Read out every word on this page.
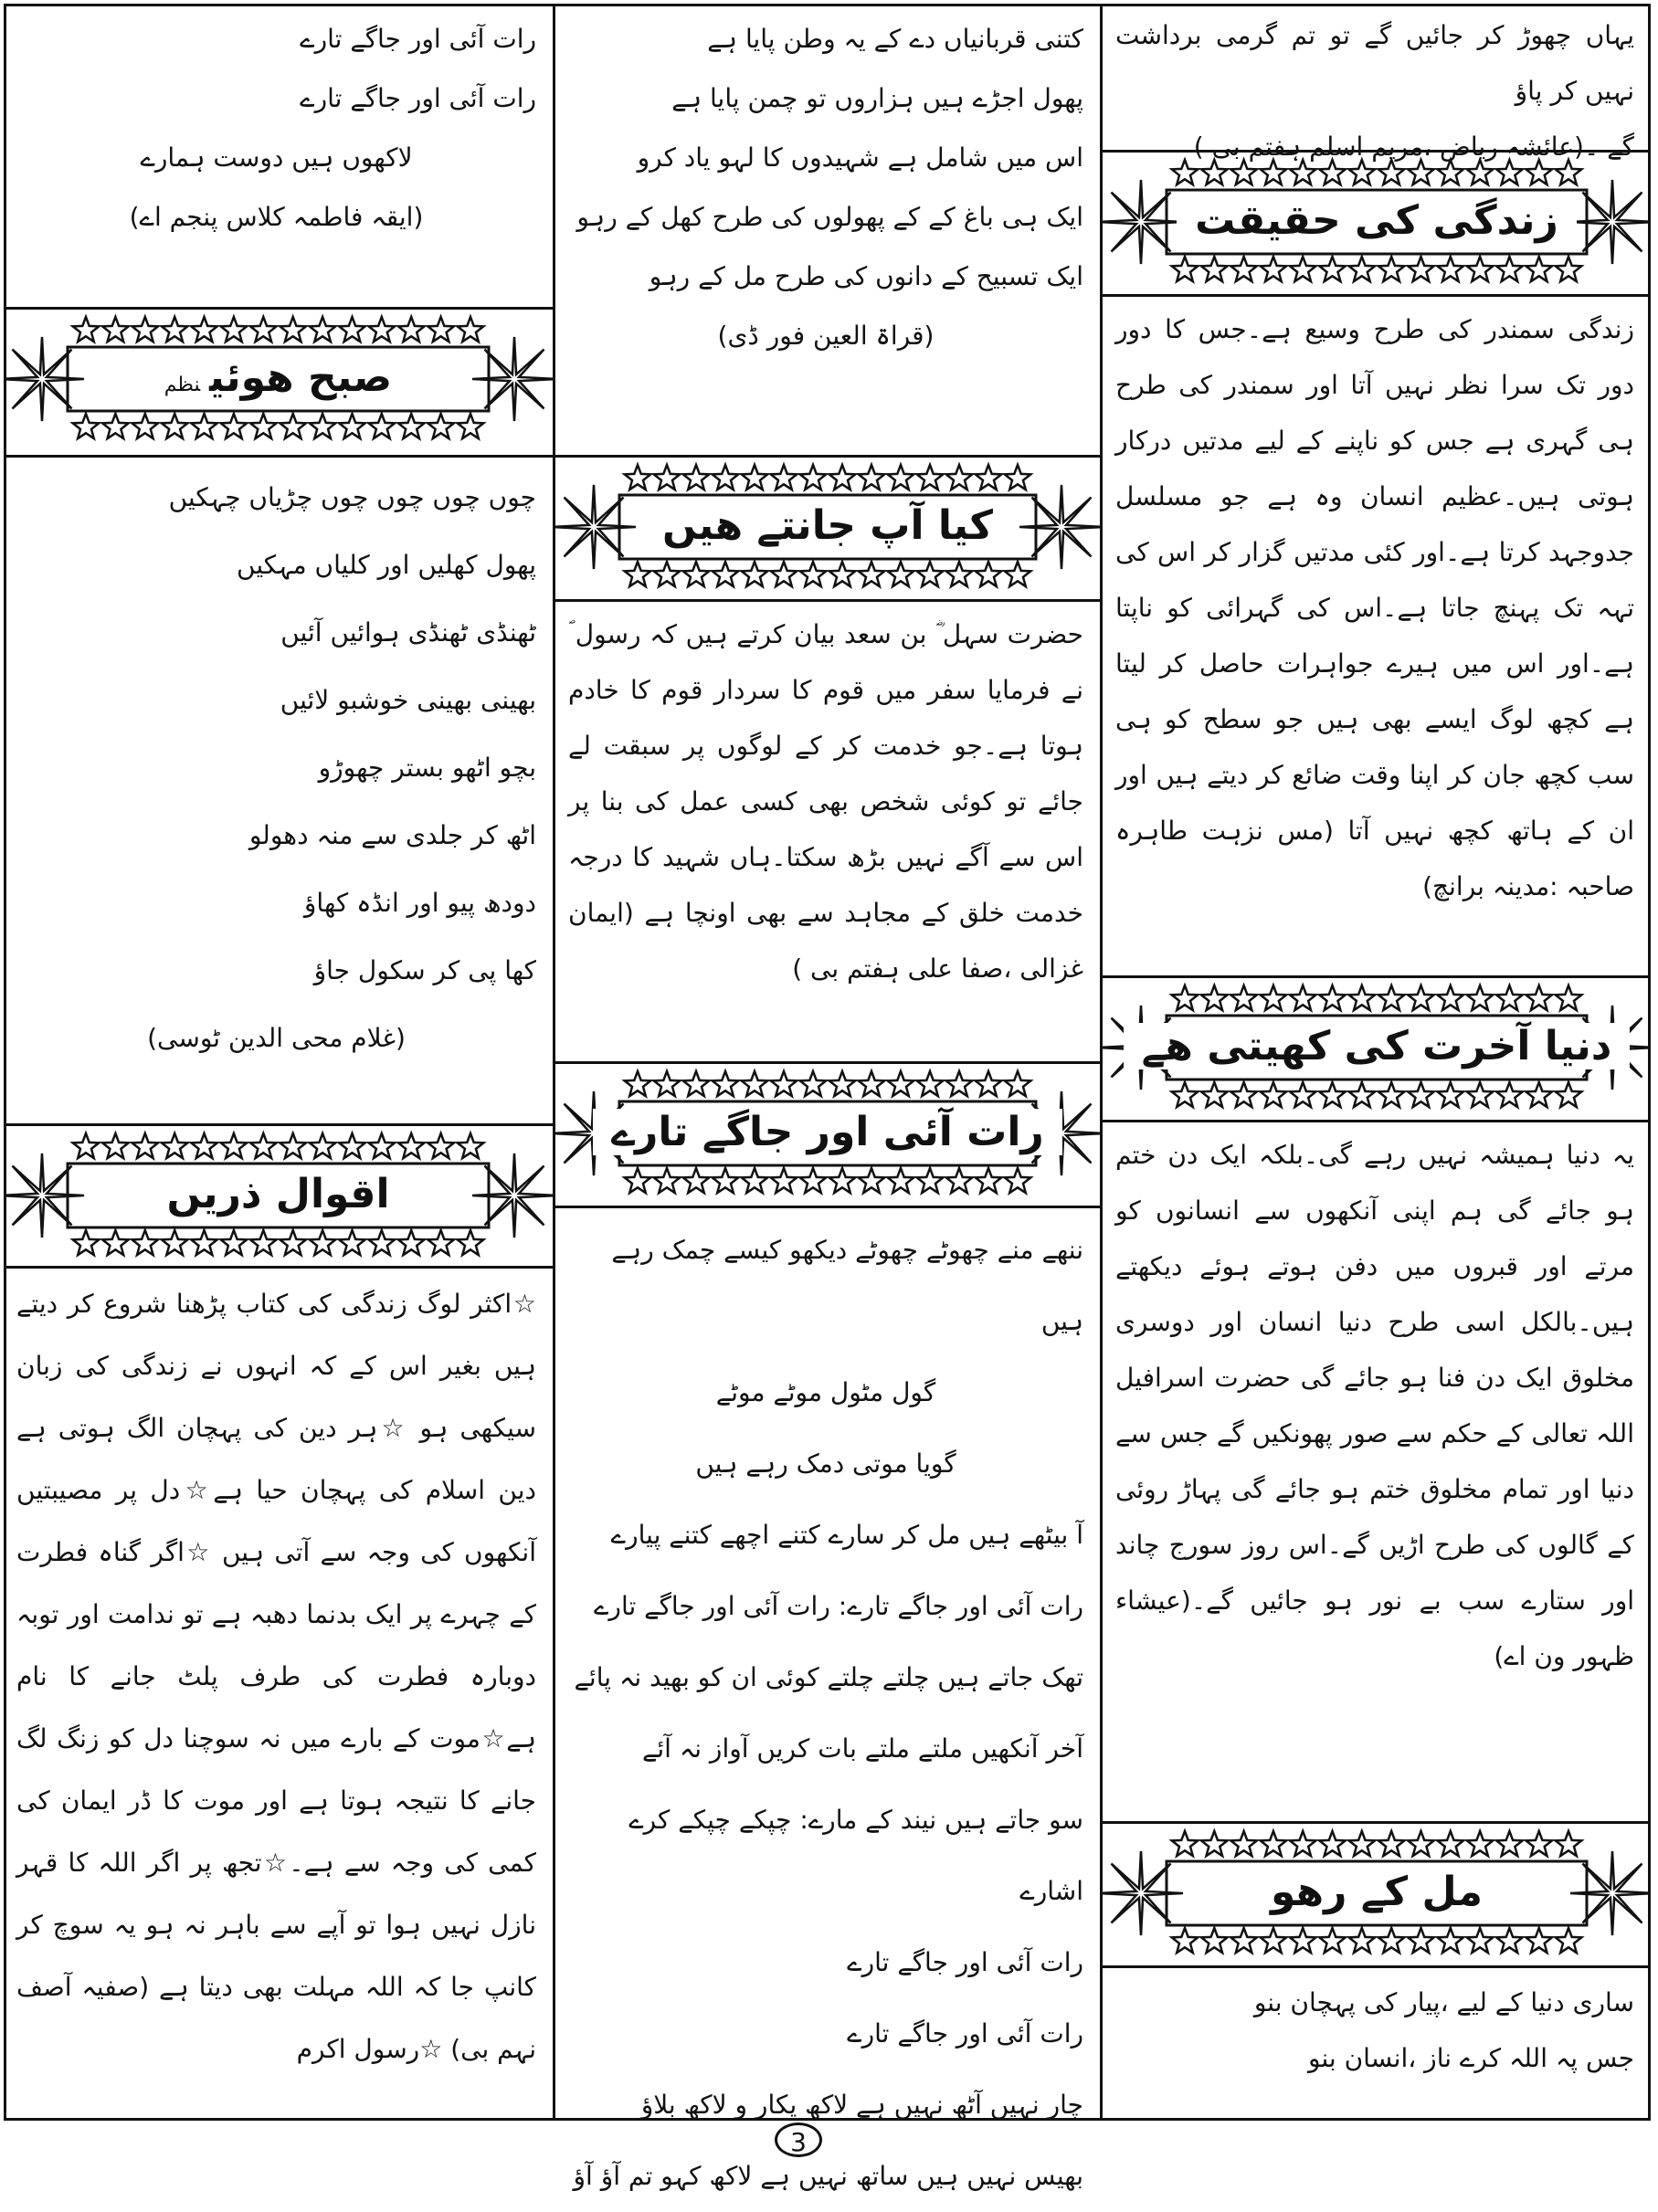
یہاں چھوڑ کر جائیں گے تو تم گرمی برداشت نہیں کر پاؤ

گے ۔(عائشہ ریاض ،مریم اسلم ہفتم بی )

زندگی کی حقیقت
زندگی سمندر کی طرح وسیع ہے۔جس کا دور دور تک سرا نظر نہیں آتا اور سمندر کی طرح ہی گہری ہے جس کو ناپنے کے لیے مدتیں درکار ہوتی ہیں۔عظیم انسان وہ ہے جو مسلسل جدوجہد کرتا ہے۔اور کئی مدتیں گزار کر اس کی تہہ تک پہنچ جاتا ہے۔اس کی گہرائی کو ناپتا ہے۔اور اس میں ہیرے جواہرات حاصل کر لیتا ہے کچھ لوگ ایسے بھی ہیں جو سطح کو ہی سب کچھ جان کر اپنا وقت ضائع کر دیتے ہیں اور ان کے ہاتھ کچھ نہیں آتا (مس نزہت طاہرہ صاحبہ :مدینہ برانچ)
دنیا آخرت کی کھیتی ھے
یہ دنیا ہمیشہ نہیں رہے گی۔بلکہ ایک دن ختم ہو جائے گی ہم اپنی آنکھوں سے انسانوں کو مرتے اور قبروں میں دفن ہوتے ہوئے دیکھتے ہیں۔بالکل اسی طرح دنیا انسان اور دوسری مخلوق ایک دن فنا ہو جائے گی حضرت اسرافیل اللہ تعالی کے حکم سے صور پھونکیں گے جس سے دنیا اور تمام مخلوق ختم ہو جائے گی پہاڑ روئی کے گالوں کی طرح اڑیں گے۔اس روز سورج چاند اور ستارے سب بے نور ہو جائیں گے۔(عیشاء ظہور ون اے)
مل کے رھو

ساری دنیا کے لیے ،پیار کی پہچان بنو

جس پہ اللہ کرے ناز ،انسان بنو

کتنی قربانیاں دے کے یہ وطن پایا ہے
پھول اجڑے ہیں ہزاروں تو چمن پایا ہے
اس میں شامل ہے شہیدوں کا لہو یاد کرو
ایک ہی باغ کے کے پھولوں کی طرح کھل کے رہو
ایک تسبیح کے دانوں کی طرح مل کے رہو
(قراۃ العین فور ڈی)
کیا آپ جانتے ھیں
حضرت سہل ؓ بن سعد بیان کرتے ہیں کہ رسول ؐ نے فرمایا سفر میں قوم کا سردار قوم کا خادم ہوتا ہے۔جو خدمت کر کے لوگوں پر سبقت لے جائے تو کوئی شخص بھی کسی عمل کی بنا پر اس سے آگے نہیں بڑھ سکتا۔ہاں شہید کا درجہ خدمت خلق کے مجاہد سے بھی اونچا ہے (ایمان غزالی ،صفا علی ہفتم بی )
رات آئی اور جاگے تارے
ننھے منے چھوٹے چھوٹے دیکھو کیسے چمک رہے ہیں
گول مٹول موٹے موٹے
گویا موتی دمک رہے ہیں
آ بیٹھے ہیں مل کر سارے کتنے اچھے کتنے پیارے
رات آئی اور جاگے تارے: رات آئی اور جاگے تارے
تھک جاتے ہیں چلتے چلتے کوئی ان کو بھید نہ پائے
آخر آنکھیں ملتے ملتے بات کریں آواز نہ آئے
سو جاتے ہیں نیند کے مارے: چپکے چپکے کرے اشارے
رات آئی اور جاگے تارے
رات آئی اور جاگے تارے
چار نہیں آٹھ نہیں ہے لاکھ پکار و لاکھ بلاؤ
بھیس نہیں ہیں ساتھ نہیں ہے لاکھ کہو تم آؤ آؤ
رات آئی اور جاگے تارے
رات آئی اور جاگے تارے
لاکھوں ہیں دوست ہمارے
(ایقہ فاطمہ کلاس پنجم اے)
صبح ھوئینظم
چوں چوں چوں چوں چڑیاں چہکیں
پھول کھلیں اور کلیاں مہکیں
ٹھنڈی ٹھنڈی ہوائیں آئیں
بھینی بھینی خوشبو لائیں
بچو اٹھو بستر چھوڑو
اٹھ کر جلدی سے منہ دھولو
دودھ پیو اور انڈہ کھاؤ
کھا پی کر سکول جاؤ
(غلام محی الدین ٹوسی)
اقوال ذریں
☆اکثر لوگ زندگی کی کتاب پڑھنا شروع کر دیتے ہیں بغیر اس کے کہ انہوں نے زندگی کی زبان سیکھی ہو ☆ہر دین کی پہچان الگ ہوتی ہے دین اسلام کی پہچان حیا ہے☆دل پر مصیبتیں آنکھوں کی وجہ سے آتی ہیں ☆اگر گناہ فطرت کے چہرے پر ایک بدنما دھبہ ہے تو ندامت اور توبہ دوبارہ فطرت کی طرف پلٹ جانے کا نام ہے☆موت کے بارے میں نہ سوچنا دل کو زنگ لگ جانے کا نتیجہ ہوتا ہے اور موت کا ڈر ایمان کی کمی کی وجہ سے ہے۔☆تجھ پر اگر اللہ کا قہر نازل نہیں ہوا تو آپے سے باہر نہ ہو یہ سوچ کر کانپ جا کہ اللہ مہلت بھی دیتا ہے (صفیہ آصف نہم بی) ☆رسول اکرم
3
